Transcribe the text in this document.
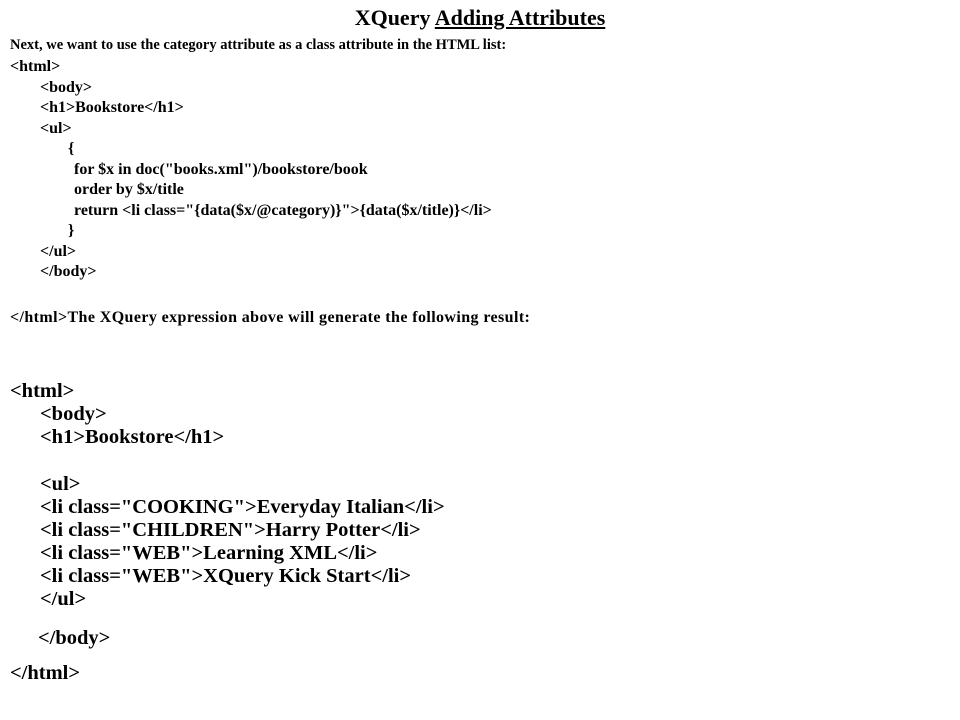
XQuery Adding Attributes
Next, we want to use the category attribute as a class attribute in the HTML list:
<html>
<body>
<h1>Bookstore</h1>
<ul>
{
for $x in doc("books.xml")/bookstore/book
order by $x/title
return <li class="{data($x/@category)}">{data($x/title)}</li>
}
</ul>
</body>
</html>The XQuery expression above will generate the following result:
<html>
<body>
<h1>Bookstore</h1>
<ul>
<li class="COOKING">Everyday Italian</li>
<li class="CHILDREN">Harry Potter</li>
<li class="WEB">Learning XML</li>
<li class="WEB">XQuery Kick Start</li>
</ul>
</body>
</html>
